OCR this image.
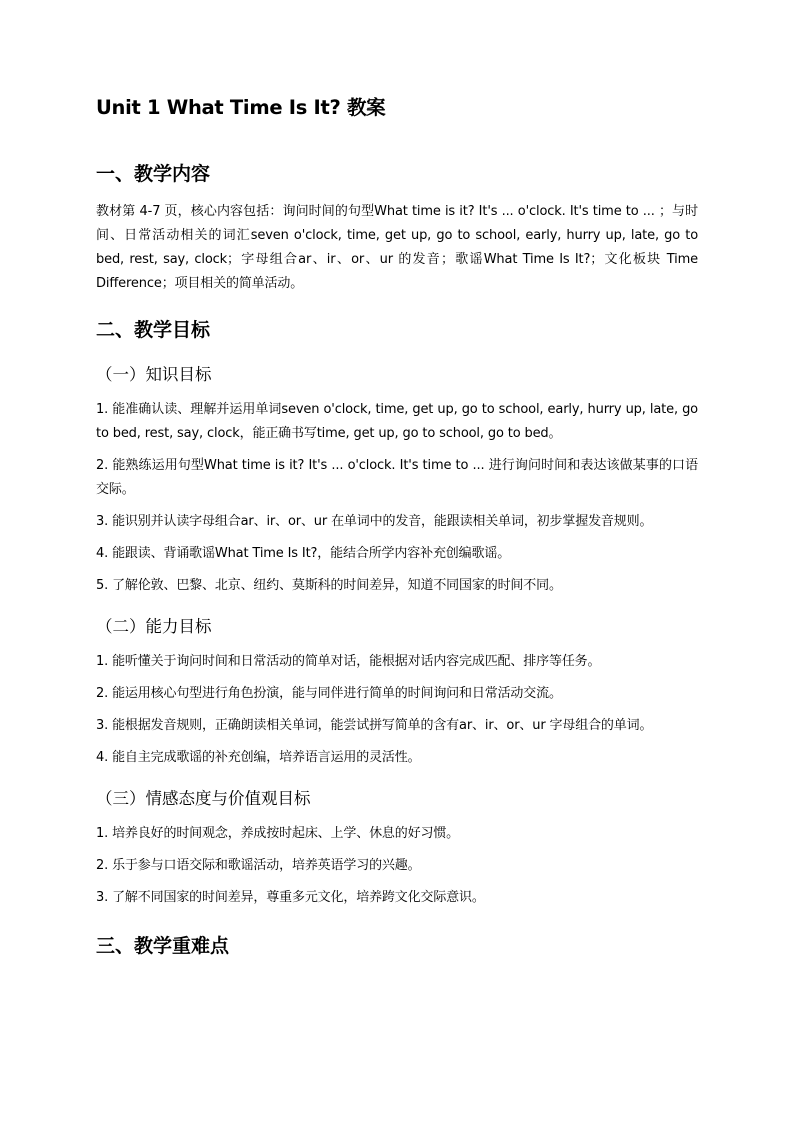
Unit 1 What Time Is It? 教案
一、教学内容

教材第 4-7 页，核心内容包括：询问时间的句型What time is it? It's ... o'clock. It's time to ... ；与时间、日常活动相关的词汇seven o'clock, time, get up, go to school, early, hurry up, late, go to bed, rest, say, clock；字母组合ar、ir、or、ur 的发音；歌谣What Time Is It?；文化板块 Time Difference；项目相关的简单活动。

二、教学目标
（一）知识目标

1. 能准确认读、理解并运用单词seven o'clock, time, get up, go to school, early, hurry up, late, go to bed, rest, say, clock，能正确书写time, get up, go to school, go to bed。

2. 能熟练运用句型What time is it? It's ... o'clock. It's time to ... 进行询问时间和表达该做某事的口语交际。

3. 能识别并认读字母组合ar、ir、or、ur 在单词中的发音，能跟读相关单词，初步掌握发音规则。

4. 能跟读、背诵歌谣What Time Is It?，能结合所学内容补充创编歌谣。

5. 了解伦敦、巴黎、北京、纽约、莫斯科的时间差异，知道不同国家的时间不同。

（二）能力目标

1. 能听懂关于询问时间和日常活动的简单对话，能根据对话内容完成匹配、排序等任务。

2. 能运用核心句型进行角色扮演，能与同伴进行简单的时间询问和日常活动交流。

3. 能根据发音规则，正确朗读相关单词，能尝试拼写简单的含有ar、ir、or、ur 字母组合的单词。

4. 能自主完成歌谣的补充创编，培养语言运用的灵活性。

（三）情感态度与价值观目标

1. 培养良好的时间观念，养成按时起床、上学、休息的好习惯。

2. 乐于参与口语交际和歌谣活动，培养英语学习的兴趣。

3. 了解不同国家的时间差异，尊重多元文化，培养跨文化交际意识。

三、教学重难点
